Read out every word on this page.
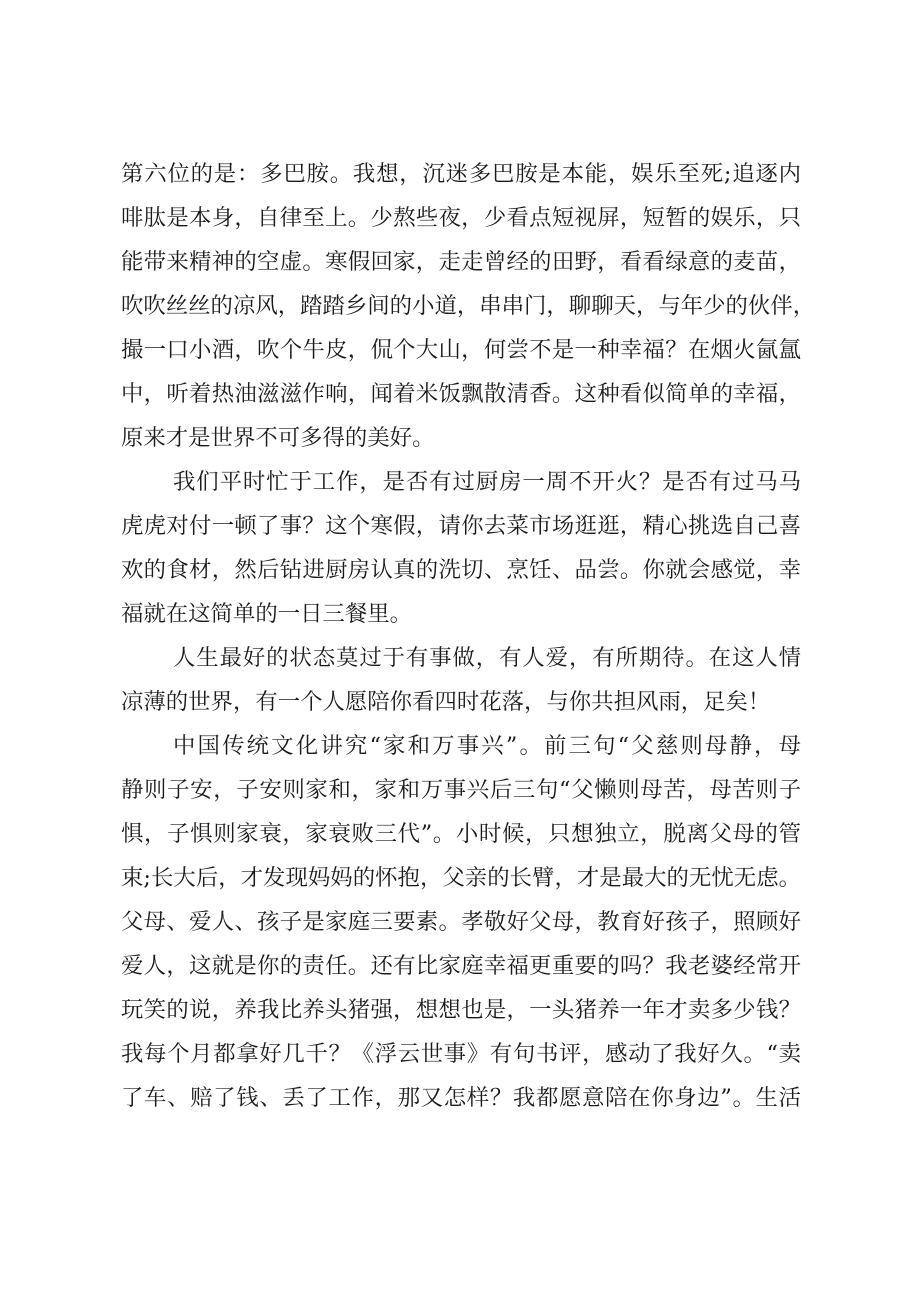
第六位的是：多巴胺。我想，沉迷多巴胺是本能，娱乐至死;追逐内
啡肽是本身，自律至上。少熬些夜，少看点短视屏，短暂的娱乐，只
能带来精神的空虚。寒假回家，走走曾经的田野，看看绿意的麦苗，
吹吹丝丝的凉风，踏踏乡间的小道，串串门，聊聊天，与年少的伙伴，
撮一口小酒，吹个牛皮，侃个大山，何尝不是一种幸福？在烟火氤氲
中，听着热油滋滋作响，闻着米饭飘散清香。这种看似简单的幸福，
原来才是世界不可多得的美好。
我们平时忙于工作，是否有过厨房一周不开火？是否有过马马
虎虎对付一顿了事？这个寒假，请你去菜市场逛逛，精心挑选自己喜
欢的食材，然后钻进厨房认真的洗切、烹饪、品尝。你就会感觉，幸
福就在这简单的一日三餐里。
人生最好的状态莫过于有事做，有人爱，有所期待。在这人情
凉薄的世界，有一个人愿陪你看四时花落，与你共担风雨，足矣！
中国传统文化讲究“家和万事兴”。前三句“父慈则母静，母
静则子安，子安则家和，家和万事兴后三句“父懒则母苦，母苦则子
惧，子惧则家衰，家衰败三代”。小时候，只想独立，脱离父母的管
束;长大后，才发现妈妈的怀抱，父亲的长臂，才是最大的无忧无虑。
父母、爱人、孩子是家庭三要素。孝敬好父母，教育好孩子，照顾好
爱人，这就是你的责任。还有比家庭幸福更重要的吗？我老婆经常开
玩笑的说，养我比养头猪强，想想也是，一头猪养一年才卖多少钱？
我每个月都拿好几千？《浮云世事》有句书评，感动了我好久。“卖
了车、赔了钱、丢了工作，那又怎样？我都愿意陪在你身边”。生活
